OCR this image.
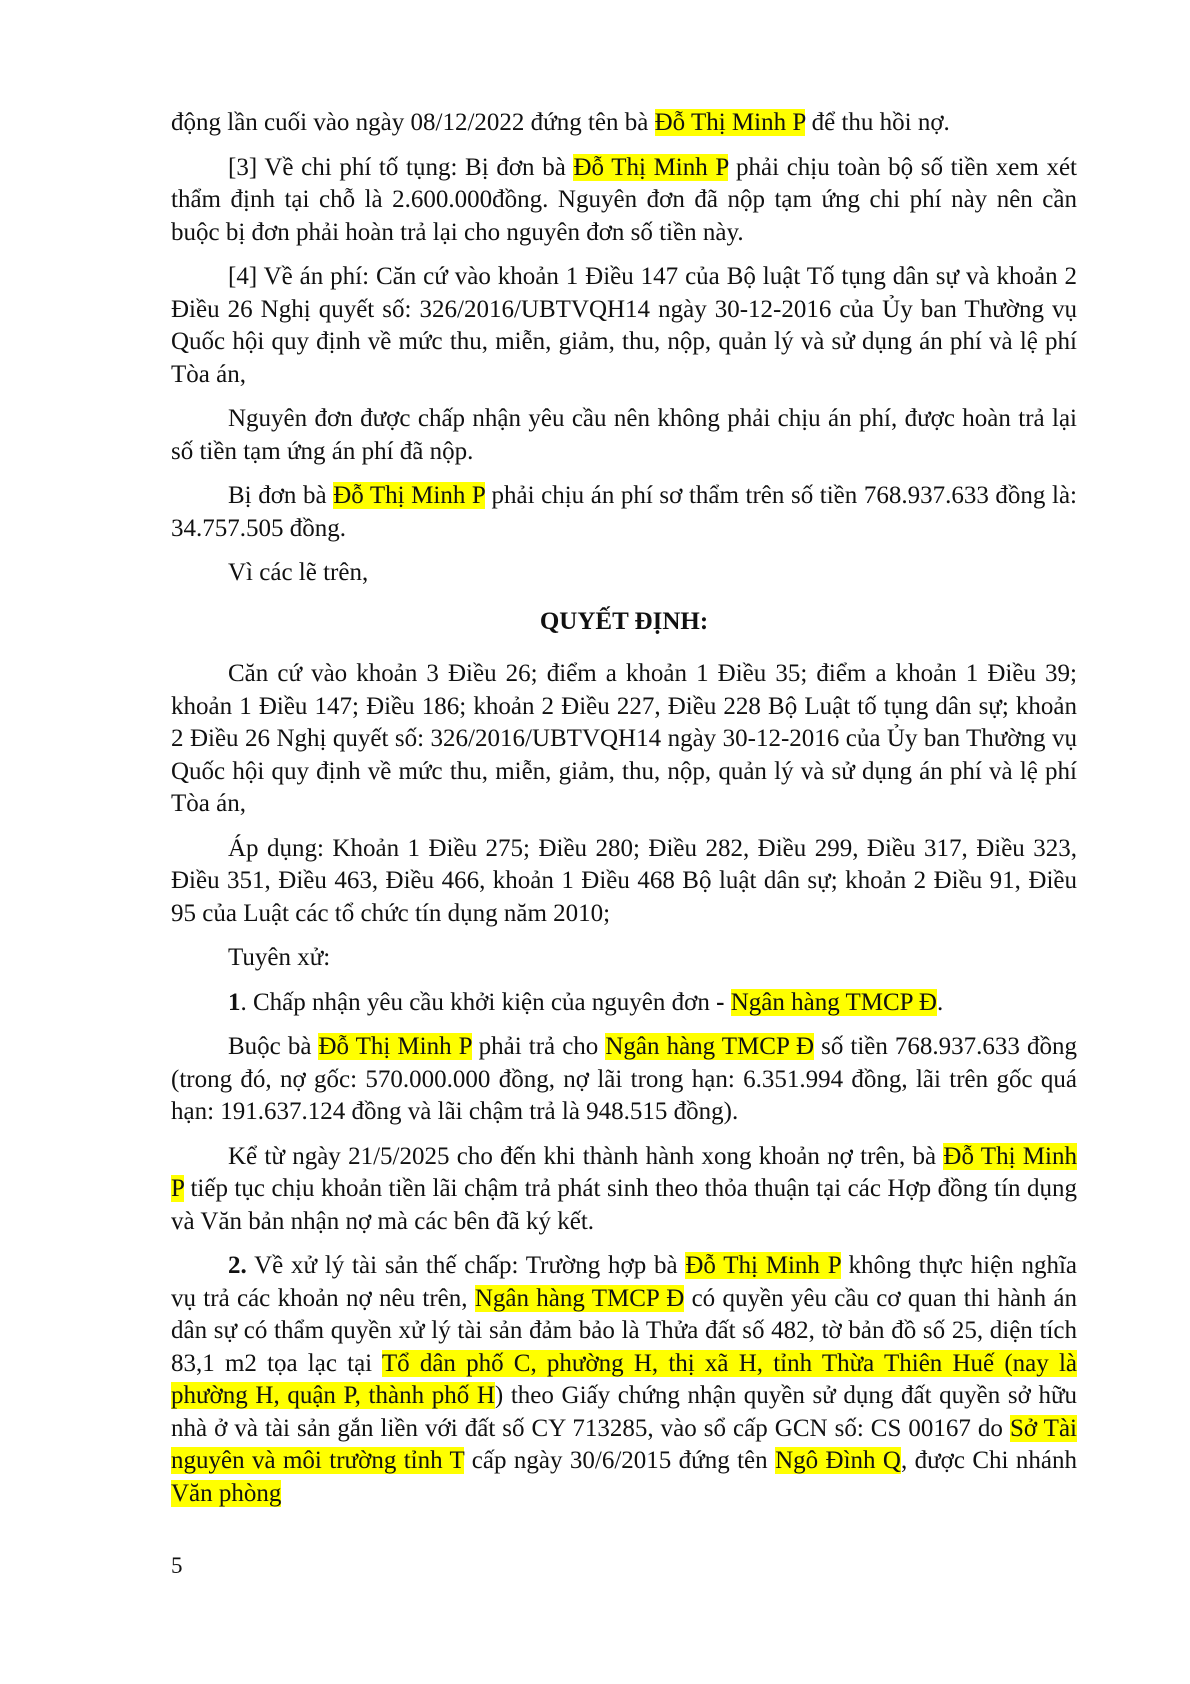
động lần cuối vào ngày 08/12/2022 đứng tên bà Đỗ Thị Minh P để thu hồi nợ.

[3] Về chi phí tố tụng: Bị đơn bà Đỗ Thị Minh P phải chịu toàn bộ số tiền xem xét thẩm định tại chỗ là 2.600.000đồng. Nguyên đơn đã nộp tạm ứng chi phí này nên cần buộc bị đơn phải hoàn trả lại cho nguyên đơn số tiền này.

[4] Về án phí: Căn cứ vào khoản 1 Điều 147 của Bộ luật Tố tụng dân sự và khoản 2 Điều 26 Nghị quyết số: 326/2016/UBTVQH14 ngày 30-12-2016 của Ủy ban Thường vụ Quốc hội quy định về mức thu, miễn, giảm, thu, nộp, quản lý và sử dụng án phí và lệ phí Tòa án,

Nguyên đơn được chấp nhận yêu cầu nên không phải chịu án phí, được hoàn trả lại số tiền tạm ứng án phí đã nộp.

Bị đơn bà Đỗ Thị Minh P phải chịu án phí sơ thẩm trên số tiền 768.937.633 đồng là: 34.757.505 đồng.

Vì các lẽ trên,

QUYẾT ĐỊNH:

Căn cứ vào khoản 3 Điều 26; điểm a khoản 1 Điều 35; điểm a khoản 1 Điều 39; khoản 1 Điều 147; Điều 186; khoản 2 Điều 227, Điều 228 Bộ Luật tố tụng dân sự; khoản 2 Điều 26 Nghị quyết số: 326/2016/UBTVQH14 ngày 30-12-2016 của Ủy ban Thường vụ Quốc hội quy định về mức thu, miễn, giảm, thu, nộp, quản lý và sử dụng án phí và lệ phí Tòa án,

Áp dụng: Khoản 1 Điều 275; Điều 280; Điều 282, Điều 299, Điều 317, Điều 323, Điều 351, Điều 463, Điều 466, khoản 1 Điều 468 Bộ luật dân sự; khoản 2 Điều 91, Điều 95 của Luật các tổ chức tín dụng năm 2010;

Tuyên xử:

1. Chấp nhận yêu cầu khởi kiện của nguyên đơn - Ngân hàng TMCP Đ.

Buộc bà Đỗ Thị Minh P phải trả cho Ngân hàng TMCP Đ số tiền 768.937.633 đồng (trong đó, nợ gốc: 570.000.000 đồng, nợ lãi trong hạn: 6.351.994 đồng, lãi trên gốc quá hạn: 191.637.124 đồng và lãi chậm trả là 948.515 đồng).

Kể từ ngày 21/5/2025 cho đến khi thành hành xong khoản nợ trên, bà Đỗ Thị Minh P tiếp tục chịu khoản tiền lãi chậm trả phát sinh theo thỏa thuận tại các Hợp đồng tín dụng và Văn bản nhận nợ mà các bên đã ký kết.

2. Về xử lý tài sản thế chấp: Trường hợp bà Đỗ Thị Minh P không thực hiện nghĩa vụ trả các khoản nợ nêu trên, Ngân hàng TMCP Đ có quyền yêu cầu cơ quan thi hành án dân sự có thẩm quyền xử lý tài sản đảm bảo là Thửa đất số 482, tờ bản đồ số 25, diện tích 83,1 m2 tọa lạc tại Tổ dân phố C, phường H, thị xã H, tỉnh Thừa Thiên Huế (nay là phường H, quận P, thành phố H) theo Giấy chứng nhận quyền sử dụng đất quyền sở hữu nhà ở và tài sản gắn liền với đất số CY 713285, vào sổ cấp GCN số: CS 00167 do Sở Tài nguyên và môi trường tỉnh T cấp ngày 30/6/2015 đứng tên Ngô Đình Q, được Chi nhánh Văn phòng

5
